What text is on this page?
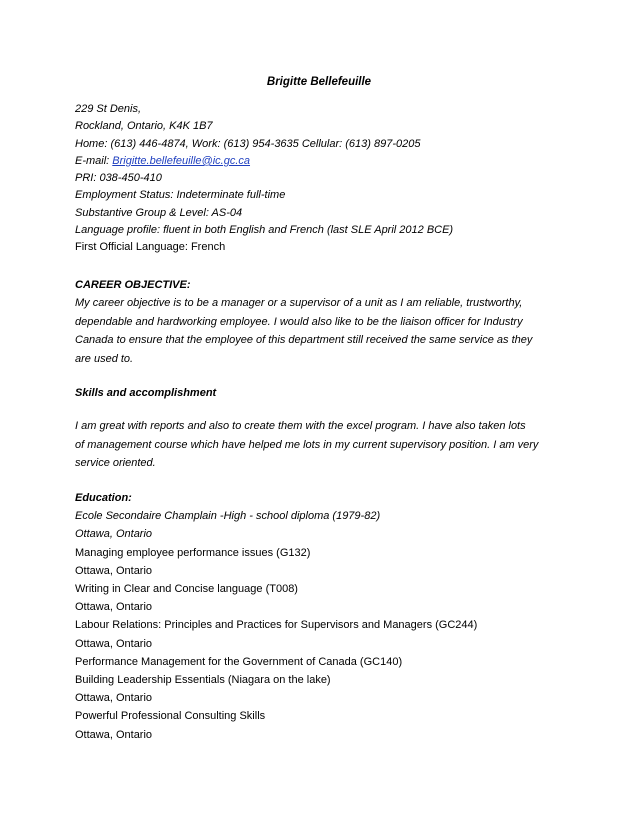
Brigitte Bellefeuille
229 St Denis,
Rockland, Ontario, K4K 1B7
Home: (613) 446-4874, Work: (613) 954-3635 Cellular: (613) 897-0205
E-mail: Brigitte.bellefeuille@ic.gc.ca
PRI: 038-450-410
Employment Status: Indeterminate full-time
Substantive Group & Level: AS-04
Language profile: fluent in both English and French (last SLE April 2012 BCE)
First Official Language: French
CAREER OBJECTIVE:
My career objective is to be a manager or a supervisor of a unit as I am reliable, trustworthy,
dependable and hardworking employee. I would also like to be the liaison officer for Industry
Canada to ensure that the employee of this department still received the same service as they
are used to.
Skills and accomplishment
I am great with reports and also to create them with the excel program. I have also taken lots
of management course which have helped me lots in my current supervisory position. I am very
service oriented.
Education:
Ecole Secondaire Champlain -High - school diploma (1979-82)
Ottawa, Ontario
Managing employee performance issues (G132)
Ottawa, Ontario
Writing in Clear and Concise language (T008)
Ottawa, Ontario
Labour Relations: Principles and Practices for Supervisors and Managers (GC244)
Ottawa, Ontario
Performance Management for the Government of Canada (GC140)
Building Leadership Essentials (Niagara on the lake)
Ottawa, Ontario
Powerful Professional Consulting Skills
Ottawa, Ontario
